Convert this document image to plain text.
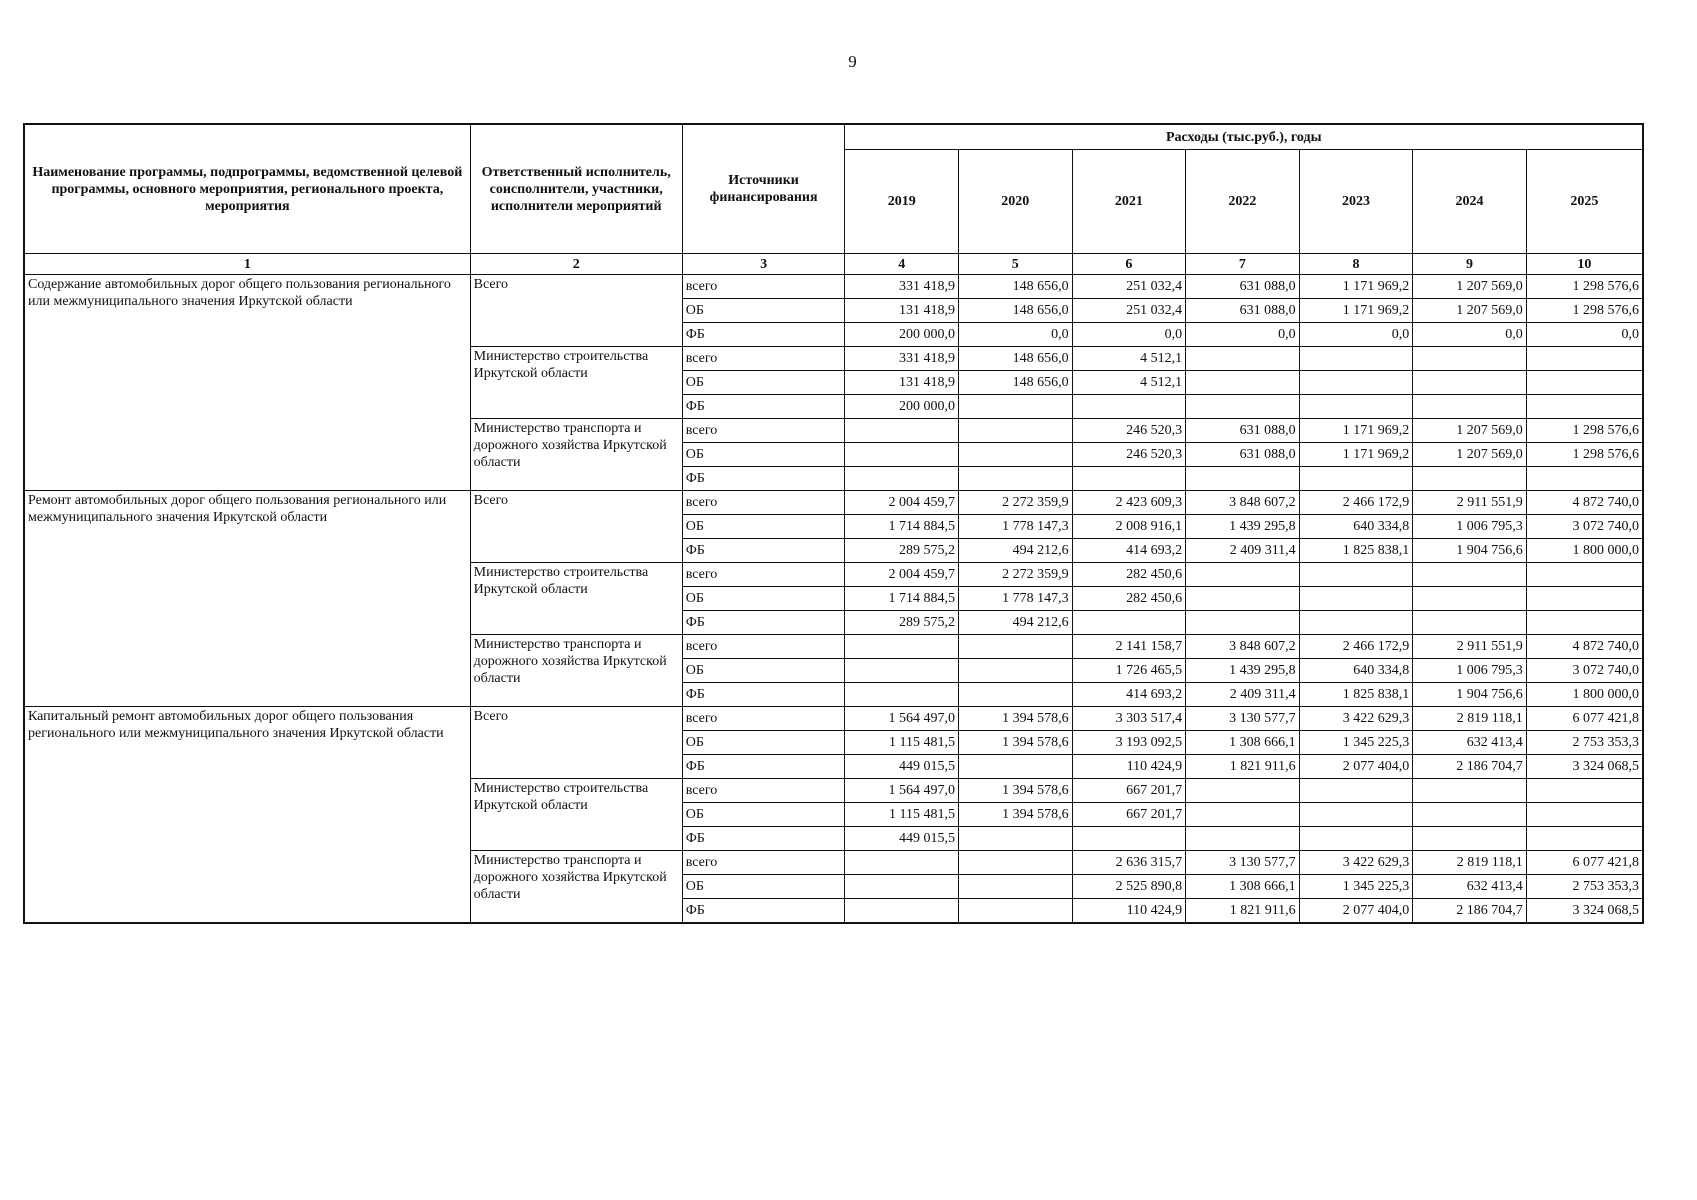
9
Наименование программы, подпрограммы, ведомственной целевой программы, основного мероприятия, регионального проекта, мероприятия	Ответственный исполнитель, соисполнители, участники, исполнители мероприятий	Источники финансирования	Расходы (тыс.руб.), годы						
			2019	2020	2021	2022	2023	2024	2025
1	2	3	4	5	6	7	8	9	10
Содержание автомобильных дорог общего пользования регионального или межмуниципального значения Иркутской области	Всего	всего	331 418,9	148 656,0	251 032,4	631 088,0	1 171 969,2	1 207 569,0	1 298 576,6
		ОБ	131 418,9	148 656,0	251 032,4	631 088,0	1 171 969,2	1 207 569,0	1 298 576,6
		ФБ	200 000,0	0,0	0,0	0,0	0,0	0,0	0,0
	Министерство строительства Иркутской области	всего	331 418,9	148 656,0	4 512,1				
		ОБ	131 418,9	148 656,0	4 512,1				
		ФБ	200 000,0						
	Министерство транспорта и дорожного хозяйства Иркутской области	всего			246 520,3	631 088,0	1 171 969,2	1 207 569,0	1 298 576,6
		ОБ			246 520,3	631 088,0	1 171 969,2	1 207 569,0	1 298 576,6
		ФБ							
Ремонт автомобильных дорог общего пользования регионального или межмуниципального значения Иркутской области	Всего	всего	2 004 459,7	2 272 359,9	2 423 609,3	3 848 607,2	2 466 172,9	2 911 551,9	4 872 740,0
		ОБ	1 714 884,5	1 778 147,3	2 008 916,1	1 439 295,8	640 334,8	1 006 795,3	3 072 740,0
		ФБ	289 575,2	494 212,6	414 693,2	2 409 311,4	1 825 838,1	1 904 756,6	1 800 000,0
	Министерство строительства Иркутской области	всего	2 004 459,7	2 272 359,9	282 450,6				
		ОБ	1 714 884,5	1 778 147,3	282 450,6				
		ФБ	289 575,2	494 212,6					
	Министерство транспорта и дорожного хозяйства Иркутской области	всего			2 141 158,7	3 848 607,2	2 466 172,9	2 911 551,9	4 872 740,0
		ОБ			1 726 465,5	1 439 295,8	640 334,8	1 006 795,3	3 072 740,0
		ФБ			414 693,2	2 409 311,4	1 825 838,1	1 904 756,6	1 800 000,0
Капитальный ремонт автомобильных дорог общего пользования регионального или межмуниципального значения Иркутской области	Всего	всего	1 564 497,0	1 394 578,6	3 303 517,4	3 130 577,7	3 422 629,3	2 819 118,1	6 077 421,8
		ОБ	1 115 481,5	1 394 578,6	3 193 092,5	1 308 666,1	1 345 225,3	632 413,4	2 753 353,3
		ФБ	449 015,5		110 424,9	1 821 911,6	2 077 404,0	2 186 704,7	3 324 068,5
	Министерство строительства Иркутской области	всего	1 564 497,0	1 394 578,6	667 201,7				
		ОБ	1 115 481,5	1 394 578,6	667 201,7				
		ФБ	449 015,5						
	Министерство транспорта и дорожного хозяйства Иркутской области	всего			2 636 315,7	3 130 577,7	3 422 629,3	2 819 118,1	6 077 421,8
		ОБ			2 525 890,8	1 308 666,1	1 345 225,3	632 413,4	2 753 353,3
		ФБ			110 424,9	1 821 911,6	2 077 404,0	2 186 704,7	3 324 068,5
